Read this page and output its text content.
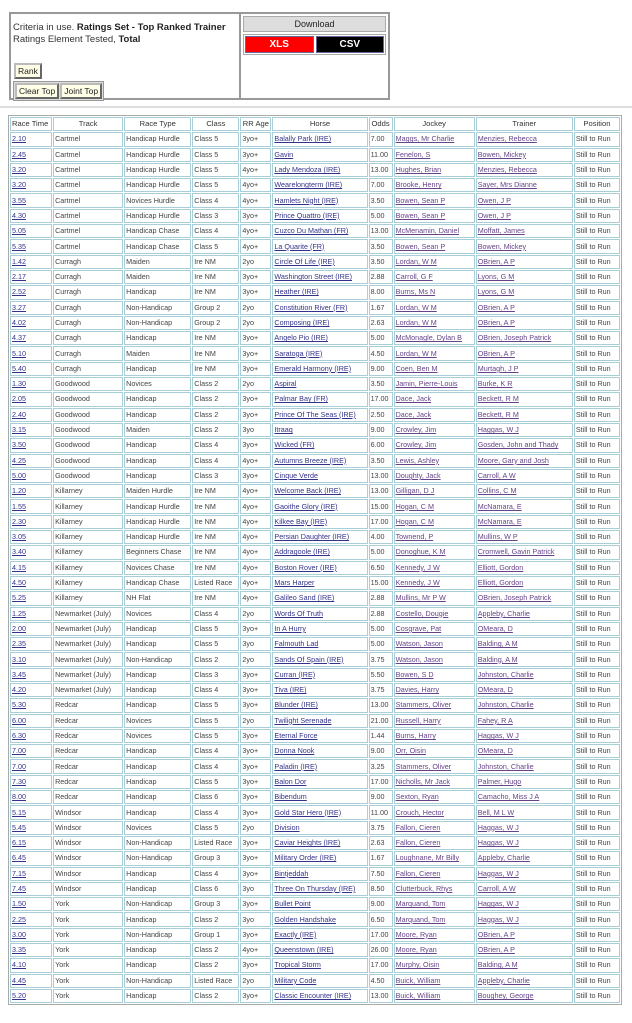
Criteria in use. Ratings Set - Top Ranked Trainer
Ratings Element Tested, Total
Rank
Clear Top	Joint Top
Download
XLS	CSV
Race Time	Track	Race Type	Class	RR Age	Horse	Odds	Jockey	Trainer	Position
2.10	Cartmel	Handicap Hurdle	Class 5	3yo+	Balally Park (IRE)	7.00	Maggs, Mr Charlie	Menzies, Rebecca	Still to Run
2.45	Cartmel	Handicap Hurdle	Class 5	3yo+	Gavin	11.00	Fenelon, S	Bowen, Mickey	Still to Run
3.20	Cartmel	Handicap Hurdle	Class 5	4yo+	Lady Mendoza (IRE)	13.00	Hughes, Brian	Menzies, Rebecca	Still to Run
3.20	Cartmel	Handicap Hurdle	Class 5	4yo+	Wearelongterm (IRE)	7.00	Brooke, Henry	Sayer, Mrs Dianne	Still to Run
3.55	Cartmel	Novices Hurdle	Class 4	4yo+	Hamlets Night (IRE)	3.50	Bowen, Sean P	Owen, J P	Still to Run
4.30	Cartmel	Handicap Hurdle	Class 3	3yo+	Prince Quattro (IRE)	5.00	Bowen, Sean P	Owen, J P	Still to Run
5.05	Cartmel	Handicap Chase	Class 4	4yo+	Cuzco Du Mathan (FR)	13.00	McMenamin, Daniel	Moffatt, James	Still to Run
5.35	Cartmel	Handicap Chase	Class 5	4yo+	La Quarite (FR)	3.50	Bowen, Sean P	Bowen, Mickey	Still to Run
1.42	Curragh	Maiden	Ire NM	2yo	Circle Of Life (IRE)	3.50	Lordan, W M	OBrien, A P	Still to Run
2.17	Curragh	Maiden	Ire NM	3yo+	Washington Street (IRE)	2.88	Carroll, G F	Lyons, G M	Still to Run
2.52	Curragh	Handicap	Ire NM	3yo+	Heather (IRE)	8.00	Burns, Ms N	Lyons, G M	Still to Run
3.27	Curragh	Non-Handicap	Group 2	2yo	Constitution River (FR)	1.67	Lordan, W M	OBrien, A P	Still to Run
4.02	Curragh	Non-Handicap	Group 2	2yo	Composing (IRE)	2.63	Lordan, W M	OBrien, A P	Still to Run
4.37	Curragh	Handicap	Ire NM	3yo+	Angelo Pio (IRE)	5.00	McMonagle, Dylan B	OBrien, Joseph Patrick	Still to Run
5.10	Curragh	Maiden	Ire NM	3yo+	Saratoga (IRE)	4.50	Lordan, W M	OBrien, A P	Still to Run
5.40	Curragh	Handicap	Ire NM	3yo+	Emerald Harmony (IRE)	9.00	Coen, Ben M	Murtagh, J P	Still to Run
1.30	Goodwood	Novices	Class 2	2yo	Aspiral	3.50	Jamin, Pierre-Louis	Burke, K R	Still to Run
2.05	Goodwood	Handicap	Class 2	3yo+	Palmar Bay (FR)	17.00	Dace, Jack	Beckett, R M	Still to Run
2.40	Goodwood	Handicap	Class 2	3yo+	Prince Of The Seas (IRE)	2.50	Dace, Jack	Beckett, R M	Still to Run
3.15	Goodwood	Maiden	Class 2	3yo	Itraaq	9.00	Crowley, Jim	Haggas, W J	Still to Run
3.50	Goodwood	Handicap	Class 4	3yo+	Wicked (FR)	6.00	Crowley, Jim	Gosden, John and Thady	Still to Run
4.25	Goodwood	Handicap	Class 4	4yo+	Autumns Breeze (IRE)	3.50	Lewis, Ashley	Moore, Gary and Josh	Still to Run
5.00	Goodwood	Handicap	Class 3	3yo+	Cinque Verde	13.00	Doughty, Jack	Carroll, A W	Still to Run
1.20	Killarney	Maiden Hurdle	Ire NM	4yo+	Welcome Back (IRE)	13.00	Gilligan, D J	Collins, C M	Still to Run
1.55	Killarney	Handicap Hurdle	Ire NM	4yo+	Gaoithe Glory (IRE)	15.00	Hogan, C M	McNamara, E	Still to Run
2.30	Killarney	Handicap Hurdle	Ire NM	4yo+	Kilkee Bay (IRE)	17.00	Hogan, C M	McNamara, E	Still to Run
3.05	Killarney	Handicap Hurdle	Ire NM	4yo+	Persian Daughter (IRE)	4.00	Townend, P	Mullins, W P	Still to Run
3.40	Killarney	Beginners Chase	Ire NM	4yo+	Addragoole (IRE)	5.00	Donoghue, K M	Cromwell, Gavin Patrick	Still to Run
4.15	Killarney	Novices Chase	Ire NM	4yo+	Boston Rover (IRE)	6.50	Kennedy, J W	Elliott, Gordon	Still to Run
4.50	Killarney	Handicap Chase	Listed Race	4yo+	Mars Harper	15.00	Kennedy, J W	Elliott, Gordon	Still to Run
5.25	Killarney	NH Flat	Ire NM	4yo+	Galileo Sand (IRE)	2.88	Mullins, Mr P W	OBrien, Joseph Patrick	Still to Run
1.25	Newmarket (July)	Novices	Class 4	2yo	Words Of Truth	2.88	Costello, Dougie	Appleby, Charlie	Still to Run
2.00	Newmarket (July)	Handicap	Class 5	3yo+	In A Hurry	5.00	Cosgrave, Pat	OMeara, D	Still to Run
2.35	Newmarket (July)	Handicap	Class 5	3yo	Falmouth Lad	5.00	Watson, Jason	Balding, A M	Still to Run
3.10	Newmarket (July)	Non-Handicap	Class 2	2yo	Sands Of Spain (IRE)	3.75	Watson, Jason	Balding, A M	Still to Run
3.45	Newmarket (July)	Handicap	Class 3	3yo+	Curran (IRE)	5.50	Bowen, S D	Johnston, Charlie	Still to Run
4.20	Newmarket (July)	Handicap	Class 4	3yo+	Tiva (IRE)	3.75	Davies, Harry	OMeara, D	Still to Run
5.30	Redcar	Handicap	Class 5	3yo+	Blunder (IRE)	13.00	Stammers, Oliver	Johnston, Charlie	Still to Run
6.00	Redcar	Novices	Class 5	2yo	Twilight Serenade	21.00	Russell, Harry	Fahey, R A	Still to Run
6.30	Redcar	Novices	Class 5	3yo+	Eternal Force	1.44	Burns, Harry	Haggas, W J	Still to Run
7.00	Redcar	Handicap	Class 4	3yo+	Donna Nook	9.00	Orr, Oisin	OMeara, D	Still to Run
7.00	Redcar	Handicap	Class 4	3yo+	Paladin (IRE)	3.25	Stammers, Oliver	Johnston, Charlie	Still to Run
7.30	Redcar	Handicap	Class 5	3yo+	Balon Dor	17.00	Nicholls, Mr Jack	Palmer, Hugo	Still to Run
8.00	Redcar	Handicap	Class 6	3yo+	Bibendum	9.00	Sexton, Ryan	Camacho, Miss J A	Still to Run
5.15	Windsor	Handicap	Class 4	3yo+	Gold Star Hero (IRE)	11.00	Crouch, Hector	Bell, M L W	Still to Run
5.45	Windsor	Novices	Class 5	2yo	Division	3.75	Fallon, Cieren	Haggas, W J	Still to Run
6.15	Windsor	Non-Handicap	Listed Race	3yo+	Caviar Heights (IRE)	2.63	Fallon, Cieren	Haggas, W J	Still to Run
6.45	Windsor	Non-Handicap	Group 3	3yo+	Military Order (IRE)	1.67	Loughnane, Mr Billy	Appleby, Charlie	Still to Run
7.15	Windsor	Handicap	Class 4	3yo+	Bintjeddah	7.50	Fallon, Cieren	Haggas, W J	Still to Run
7.45	Windsor	Handicap	Class 6	3yo	Three On Thursday (IRE)	8.50	Clutterbuck, Rhys	Carroll, A W	Still to Run
1.50	York	Non-Handicap	Group 3	3yo+	Bullet Point	9.00	Marquand, Tom	Haggas, W J	Still to Run
2.25	York	Handicap	Class 2	3yo	Golden Handshake	6.50	Marquand, Tom	Haggas, W J	Still to Run
3.00	York	Non-Handicap	Group 1	3yo+	Exactly (IRE)	17.00	Moore, Ryan	OBrien, A P	Still to Run
3.35	York	Handicap	Class 2	4yo+	Queenstown (IRE)	26.00	Moore, Ryan	OBrien, A P	Still to Run
4.10	York	Handicap	Class 2	3yo+	Tropical Storm	17.00	Murphy, Oisin	Balding, A M	Still to Run
4.45	York	Non-Handicap	Listed Race	2yo	Military Code	4.50	Buick, William	Appleby, Charlie	Still to Run
5.20	York	Handicap	Class 2	3yo+	Classic Encounter (IRE)	13.00	Buick, William	Boughey, George	Still to Run
